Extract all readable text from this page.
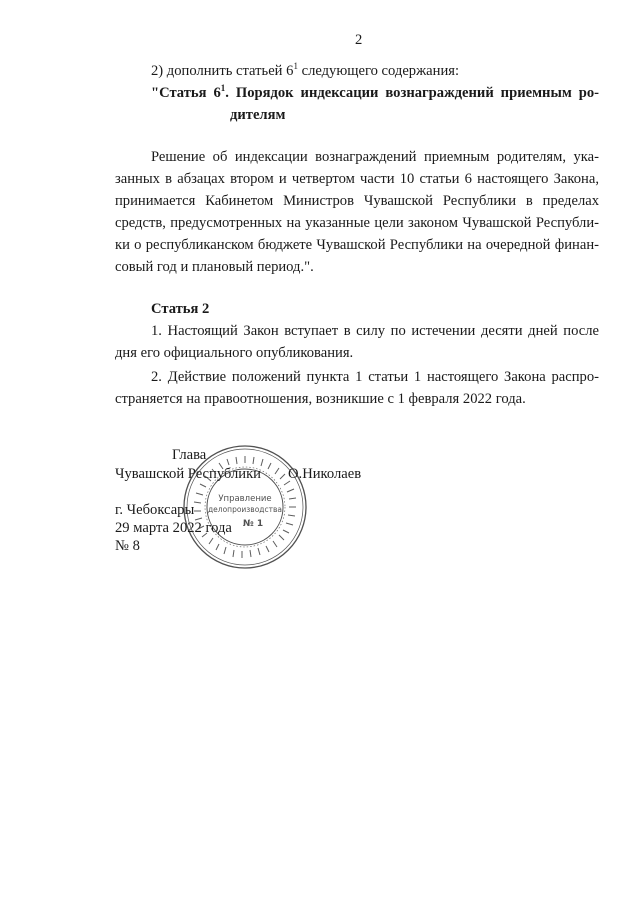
2
2) дополнить статьей $6^1$ следующего содержания:
"Статья $6^1$. Порядок индексации вознаграждений приемным ро-
дителям
Решение об индексации вознаграждений приемным родителям, ука-
занных в абзацах втором и четвертом части 10 статьи 6 настоящего Закона,
принимается Кабинетом Министров Чувашской Республики в пределах
средств, предусмотренных на указанные цели законом Чувашской Республи-
ки о республиканском бюджете Чувашской Республики на очередной финан-
совый год и плановый период.".
Статья 2
1. Настоящий Закон вступает в силу по истечении десяти дней после
дня его официального опубликования.
2. Действие положений пункта 1 статьи 1 настоящего Закона распро-
страняется на правоотношения, возникшие с 1 февраля 2022 года.
Глава
Чувашской Республики О.Николаев
г. Чебоксары
29 марта 2022 года
№ 8
Управление
делопроизводства
№ 1
